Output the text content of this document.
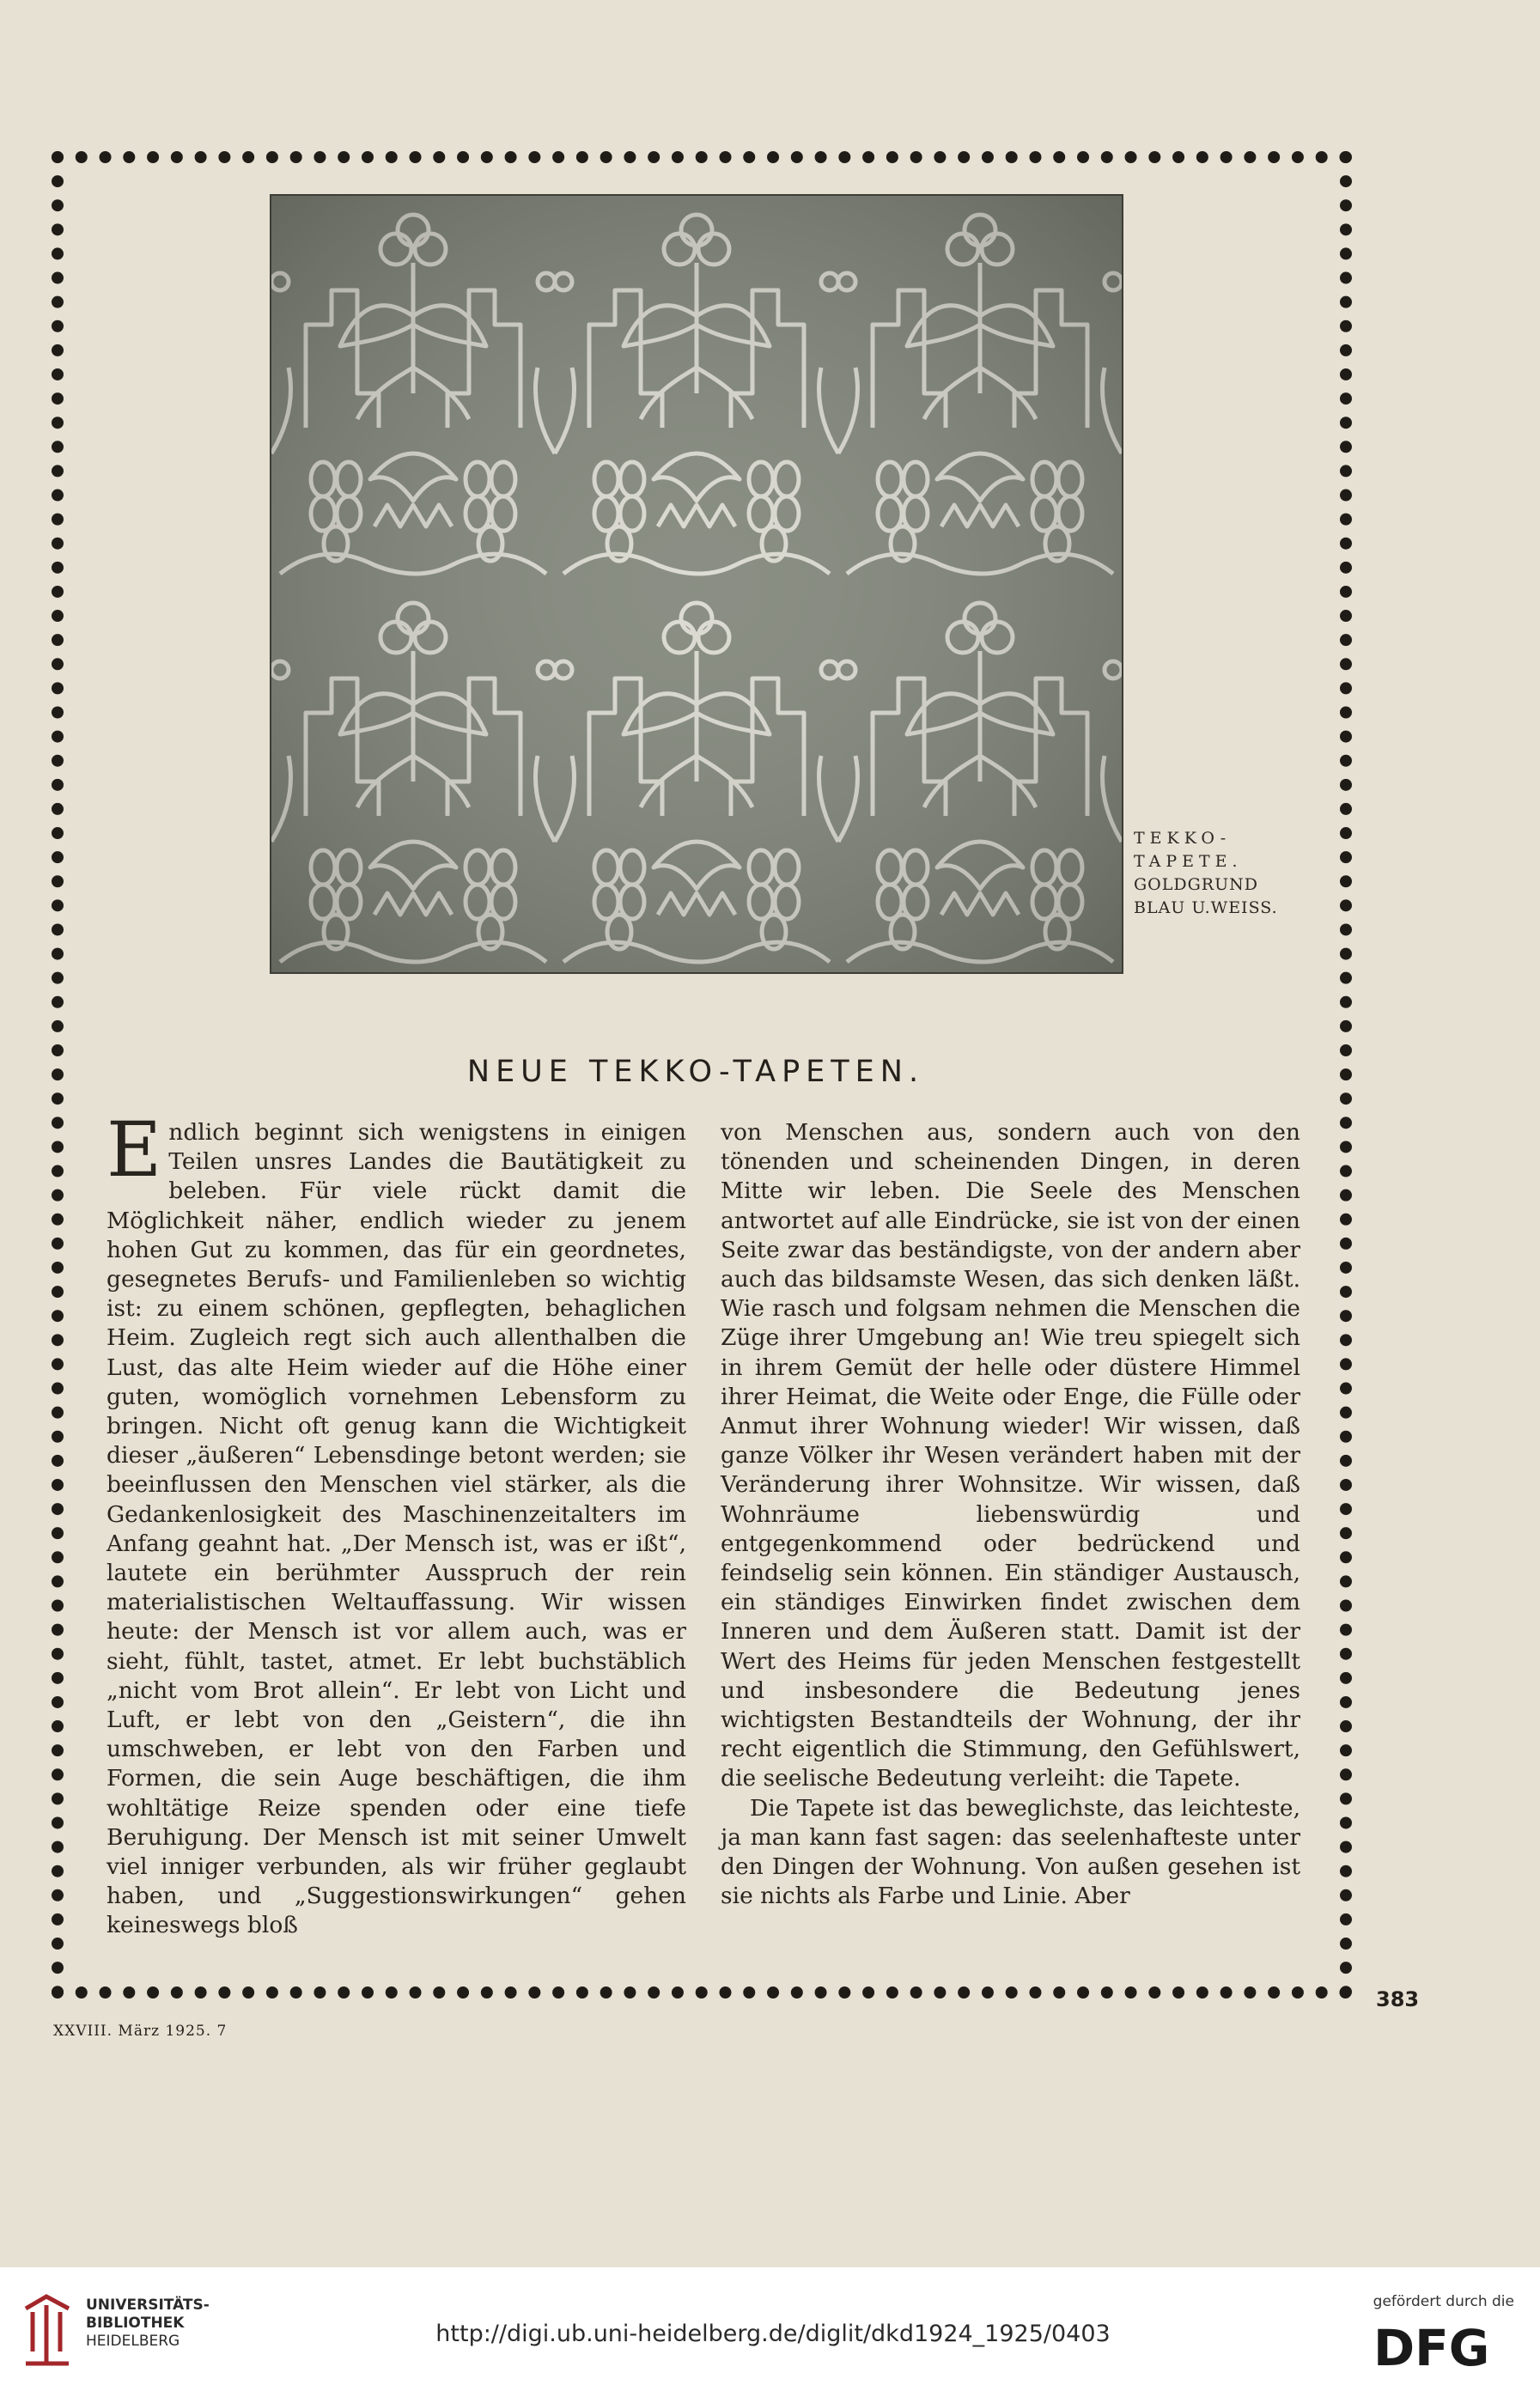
TEKKO-
TAPETE.
GOLDGRUND
BLAU U.WEISS.
NEUE TEKKO-TAPETEN.

Endlich beginnt sich wenigstens in einigen Teilen unsres Landes die Bautätigkeit zu beleben. Für viele rückt damit die Möglichkeit näher, endlich wieder zu jenem hohen Gut zu kommen, das für ein geordnetes, gesegnetes Berufs- und Familienleben so wichtig ist: zu einem schönen, gepflegten, behaglichen Heim. Zugleich regt sich auch allenthalben die Lust, das alte Heim wieder auf die Höhe einer guten, womöglich vornehmen Lebensform zu bringen. Nicht oft genug kann die Wichtigkeit dieser „äußeren“ Lebensdinge betont werden; sie beeinflussen den Menschen viel stärker, als die Gedankenlosigkeit des Maschinenzeitalters im Anfang geahnt hat. „Der Mensch ist, was er ißt“, lautete ein berühmter Ausspruch der rein materialistischen Weltauffassung. Wir wissen heute: der Mensch ist vor allem auch, was er sieht, fühlt, tastet, atmet. Er lebt buchstäblich „nicht vom Brot allein“. Er lebt von Licht und Luft, er lebt von den „Geistern“, die ihn umschweben, er lebt von den Farben und Formen, die sein Auge beschäftigen, die ihm wohltätige Reize spenden oder eine tiefe Beruhigung. Der Mensch ist mit seiner Umwelt viel inniger verbunden, als wir früher geglaubt haben, und „Suggestionswirkungen“ gehen keineswegs bloß

von Menschen aus, sondern auch von den tönenden und scheinenden Dingen, in deren Mitte wir leben. Die Seele des Menschen antwortet auf alle Eindrücke, sie ist von der einen Seite zwar das beständigste, von der andern aber auch das bildsamste Wesen, das sich denken läßt. Wie rasch und folgsam nehmen die Menschen die Züge ihrer Umgebung an! Wie treu spiegelt sich in ihrem Gemüt der helle oder düstere Himmel ihrer Heimat, die Weite oder Enge, die Fülle oder Anmut ihrer Wohnung wieder! Wir wissen, daß ganze Völker ihr Wesen verändert haben mit der Veränderung ihrer Wohnsitze. Wir wissen, daß Wohnräume liebenswürdig und entgegenkommend oder bedrückend und feindselig sein können. Ein ständiger Austausch, ein ständiges Einwirken findet zwischen dem Inneren und dem Äußeren statt. Damit ist der Wert des Heims für jeden Menschen festgestellt und insbesondere die Bedeutung jenes wichtigsten Bestandteils der Wohnung, der ihr recht eigentlich die Stimmung, den Gefühlswert, die seelische Bedeutung verleiht: die Tapete.

Die Tapete ist das beweglichste, das leichteste, ja man kann fast sagen: das seelenhafteste unter den Dingen der Wohnung. Von außen gesehen ist sie nichts als Farbe und Linie. Aber

383
XXVIII. März 1925. 7
UNIVERSITÄTS-
BIBLIOTHEK
HEIDELBERG	http://digi.ub.uni-heidelberg.de/diglit/dkd1924_1925/0403
gefördert durch die
DFG
